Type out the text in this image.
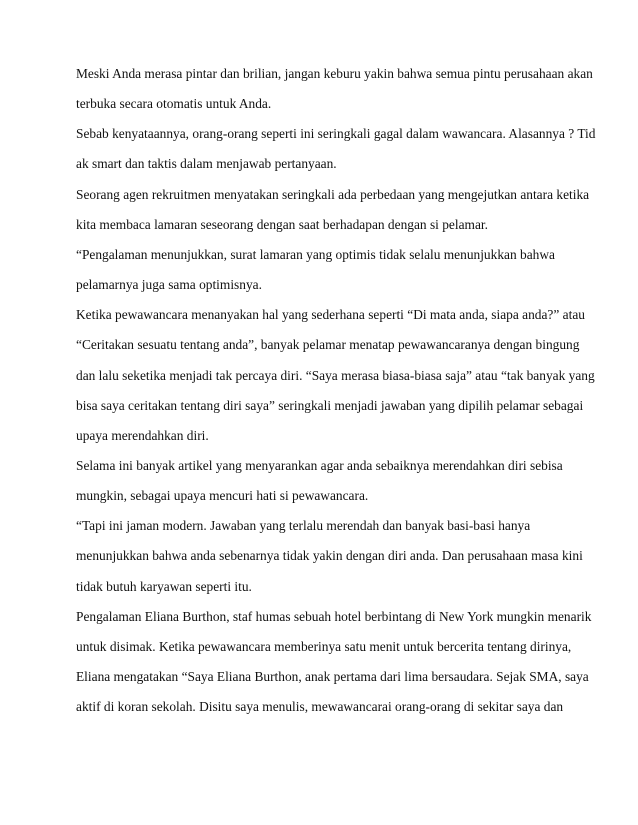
Meski Anda merasa pintar dan brilian, jangan keburu yakin bahwa semua pintu perusahaan akan
terbuka secara otomatis untuk Anda.
Sebab kenyataannya, orang-orang seperti ini seringkali gagal dalam wawancara. Alasannya ? Tid
ak smart dan taktis dalam menjawab pertanyaan.
Seorang agen rekruitmen menyatakan seringkali ada perbedaan yang mengejutkan antara ketika
kita membaca lamaran seseorang dengan saat berhadapan dengan si pelamar.
“Pengalaman menunjukkan, surat lamaran yang optimis tidak selalu menunjukkan bahwa
pelamarnya juga sama optimisnya.
Ketika pewawancara menanyakan hal yang sederhana seperti “Di mata anda, siapa anda?” atau
“Ceritakan sesuatu tentang anda”, banyak pelamar menatap pewawancaranya dengan bingung
dan lalu seketika menjadi tak percaya diri. “Saya merasa biasa-biasa saja” atau “tak banyak yang
bisa saya ceritakan tentang diri saya” seringkali menjadi jawaban yang dipilih pelamar sebagai
upaya merendahkan diri.
Selama ini banyak artikel yang menyarankan agar anda sebaiknya merendahkan diri sebisa
mungkin, sebagai upaya mencuri hati si pewawancara.
“Tapi ini jaman modern. Jawaban yang terlalu merendah dan banyak basi-basi hanya
menunjukkan bahwa anda sebenarnya tidak yakin dengan diri anda. Dan perusahaan masa kini
tidak butuh karyawan seperti itu.
Pengalaman Eliana Burthon, staf humas sebuah hotel berbintang di New York mungkin menarik
untuk disimak. Ketika pewawancara memberinya satu menit untuk bercerita tentang dirinya,
Eliana mengatakan “Saya Eliana Burthon, anak pertama dari lima bersaudara. Sejak SMA, saya
aktif di koran sekolah. Disitu saya menulis, mewawancarai orang-orang di sekitar saya dan
